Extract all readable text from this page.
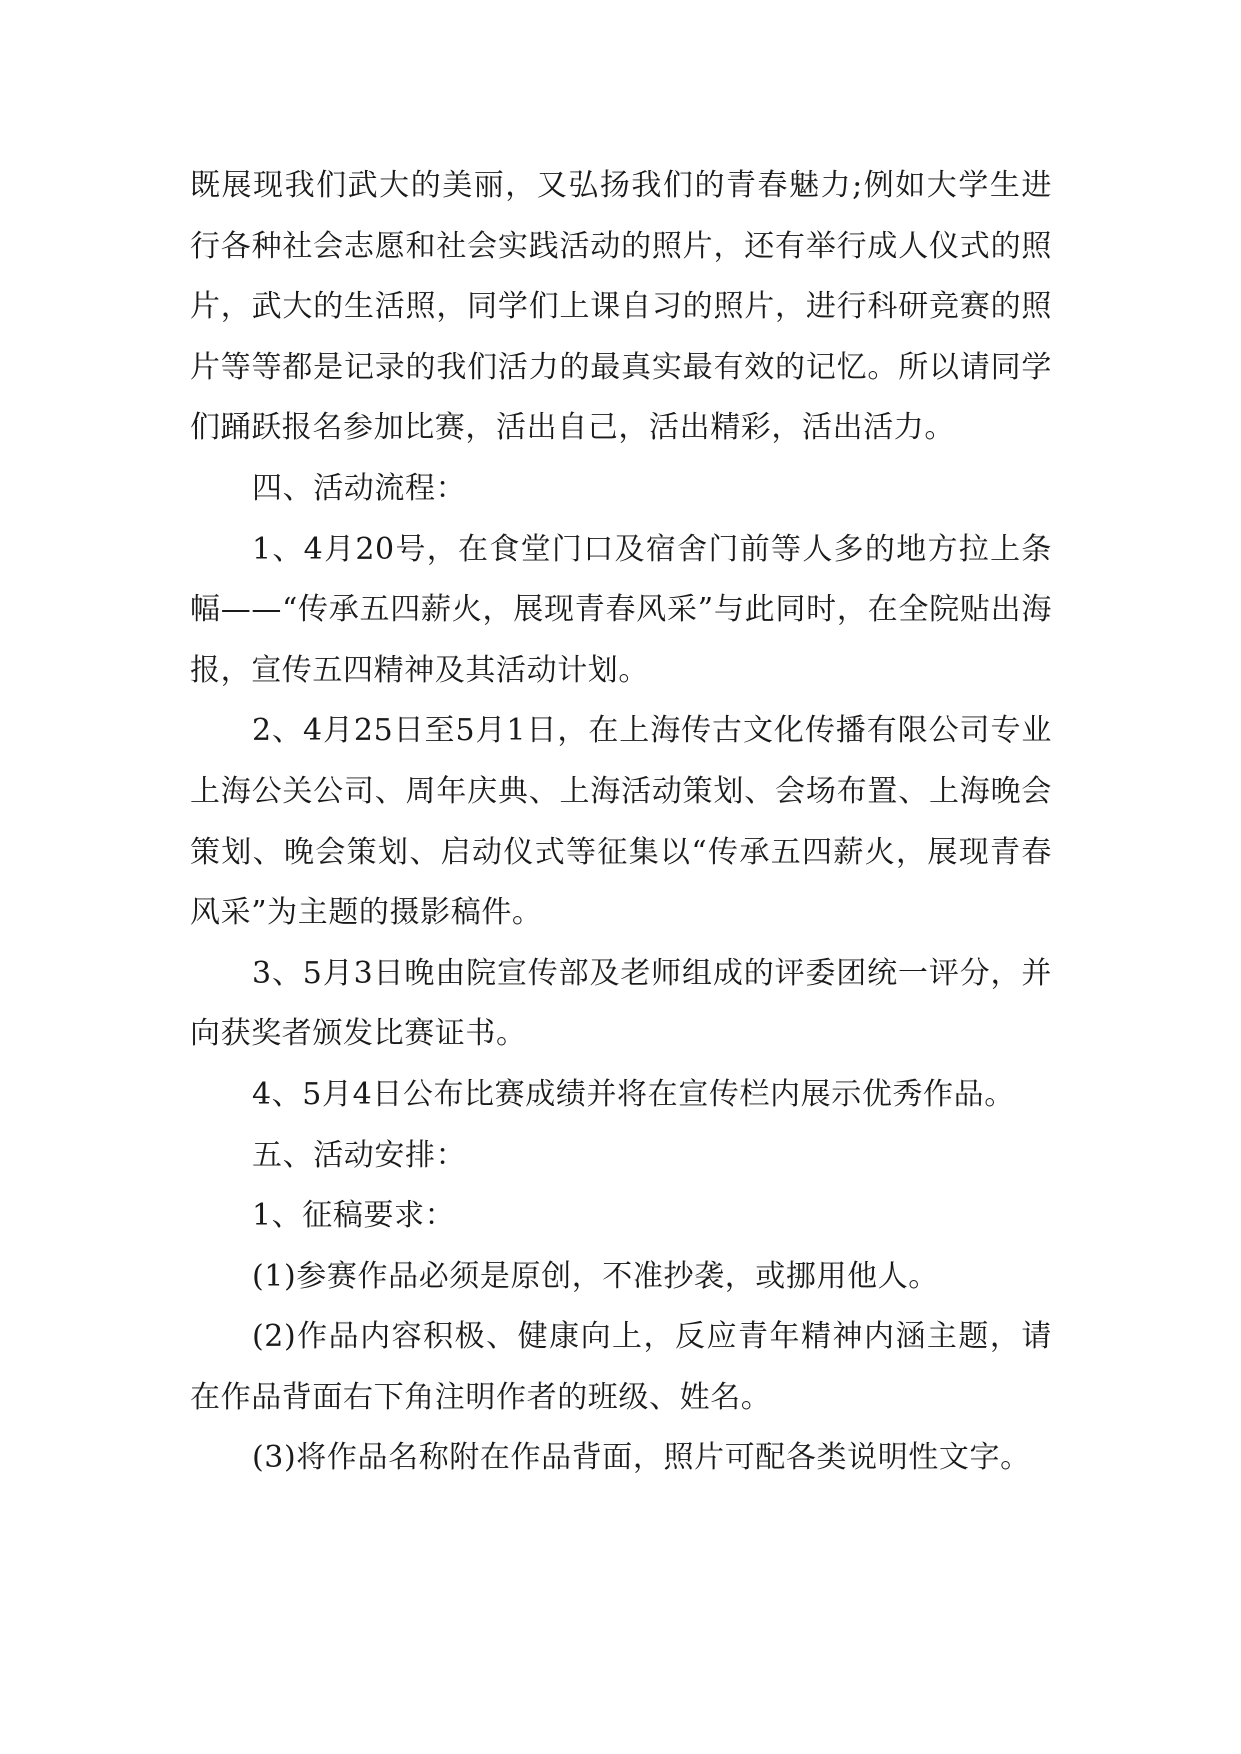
既展现我们武大的美丽，又弘扬我们的青春魅力;例如大学生进行各种社会志愿和社会实践活动的照片，还有举行成人仪式的照片，武大的生活照，同学们上课自习的照片，进行科研竞赛的照片等等都是记录的我们活力的最真实最有效的记忆。所以请同学们踊跃报名参加比赛，活出自己，活出精彩，活出活力。

四、活动流程：

1、4月20号，在食堂门口及宿舍门前等人多的地方拉上条幅——“传承五四薪火，展现青春风采”与此同时，在全院贴出海报，宣传五四精神及其活动计划。

2、4月25日至5月1日，在上海传古文化传播有限公司专业上海公关公司、周年庆典、上海活动策划、会场布置、上海晚会策划、晚会策划、启动仪式等征集以“传承五四薪火，展现青春风采”为主题的摄影稿件。

3、5月3日晚由院宣传部及老师组成的评委团统一评分，并向获奖者颁发比赛证书。

4、5月4日公布比赛成绩并将在宣传栏内展示优秀作品。

五、活动安排：

1、征稿要求：

(1)参赛作品必须是原创，不准抄袭，或挪用他人。

(2)作品内容积极、健康向上，反应青年精神内涵主题，请在作品背面右下角注明作者的班级、姓名。

(3)将作品名称附在作品背面，照片可配各类说明性文字。
